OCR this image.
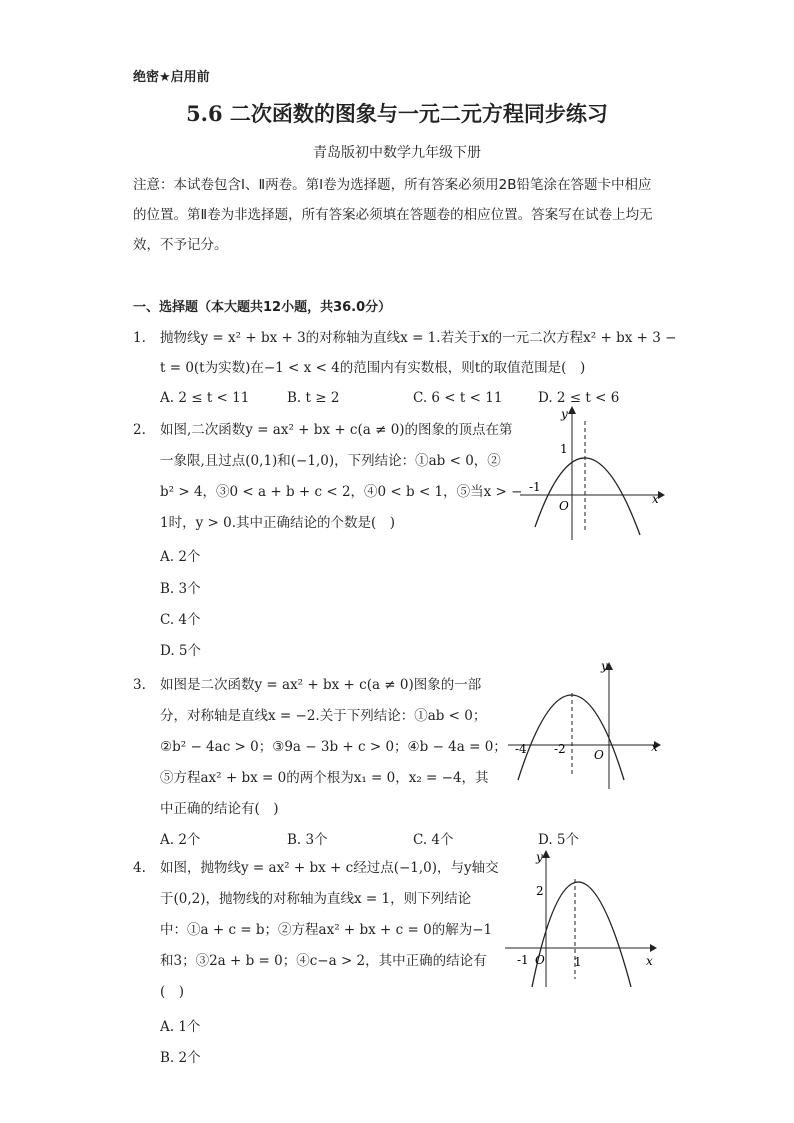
绝密★启用前
5.6 二次函数的图象与一元二元方程同步练习
青岛版初中数学九年级下册
注意：本试卷包含Ⅰ、Ⅱ两卷。第Ⅰ卷为选择题，所有答案必须用2B铅笔涂在答题卡中相应的位置。第Ⅱ卷为非选择题，所有答案必须填在答题卷的相应位置。答案写在试卷上均无效，不予记分。
一、选择题（本大题共12小题，共36.0分）
1. 抛物线y = x² + bx + 3的对称轴为直线x = 1.若关于x的一元二次方程x² + bx + 3 −
t = 0(t为实数)在−1 < x < 4的范围内有实数根，则t的取值范围是(　)
A. 2 ≤ t < 11	B. t ≥ 2	C. 6 < t < 11	D. 2 ≤ t < 6
2. 如图,二次函数y = ax² + bx + c(a ≠ 0)的图象的顶点在第
一象限,且过点(0,1)和(−1,0)，下列结论：①ab < 0，②
b² > 4，③0 < a + b + c < 2，④0 < b < 1，⑤当x > −
1时，y > 0.其中正确结论的个数是(　)
A. 2个
B. 3个
C. 4个
D. 5个
y
x
O
1
-1
3. 如图是二次函数y = ax² + bx + c(a ≠ 0)图象的一部
分，对称轴是直线x = −2.关于下列结论：①ab < 0；
②b² − 4ac > 0；③9a − 3b + c > 0；④b − 4a = 0；
⑤方程ax² + bx = 0的两个根为x₁ = 0，x₂ = −4，其
中正确的结论有(　)
A. 2个	B. 3个	C. 4个	D. 5个
y
x
O
-4 -2
4. 如图，抛物线y = ax² + bx + c经过点(−1,0)，与y轴交
于(0,2)，抛物线的对称轴为直线x = 1，则下列结论
中：①a + c = b；②方程ax² + bx + c = 0的解为−1
和3；③2a + b = 0；④c−a > 2，其中正确的结论有
(　)
A. 1个
B. 2个
y
x
O
2
-1	1
